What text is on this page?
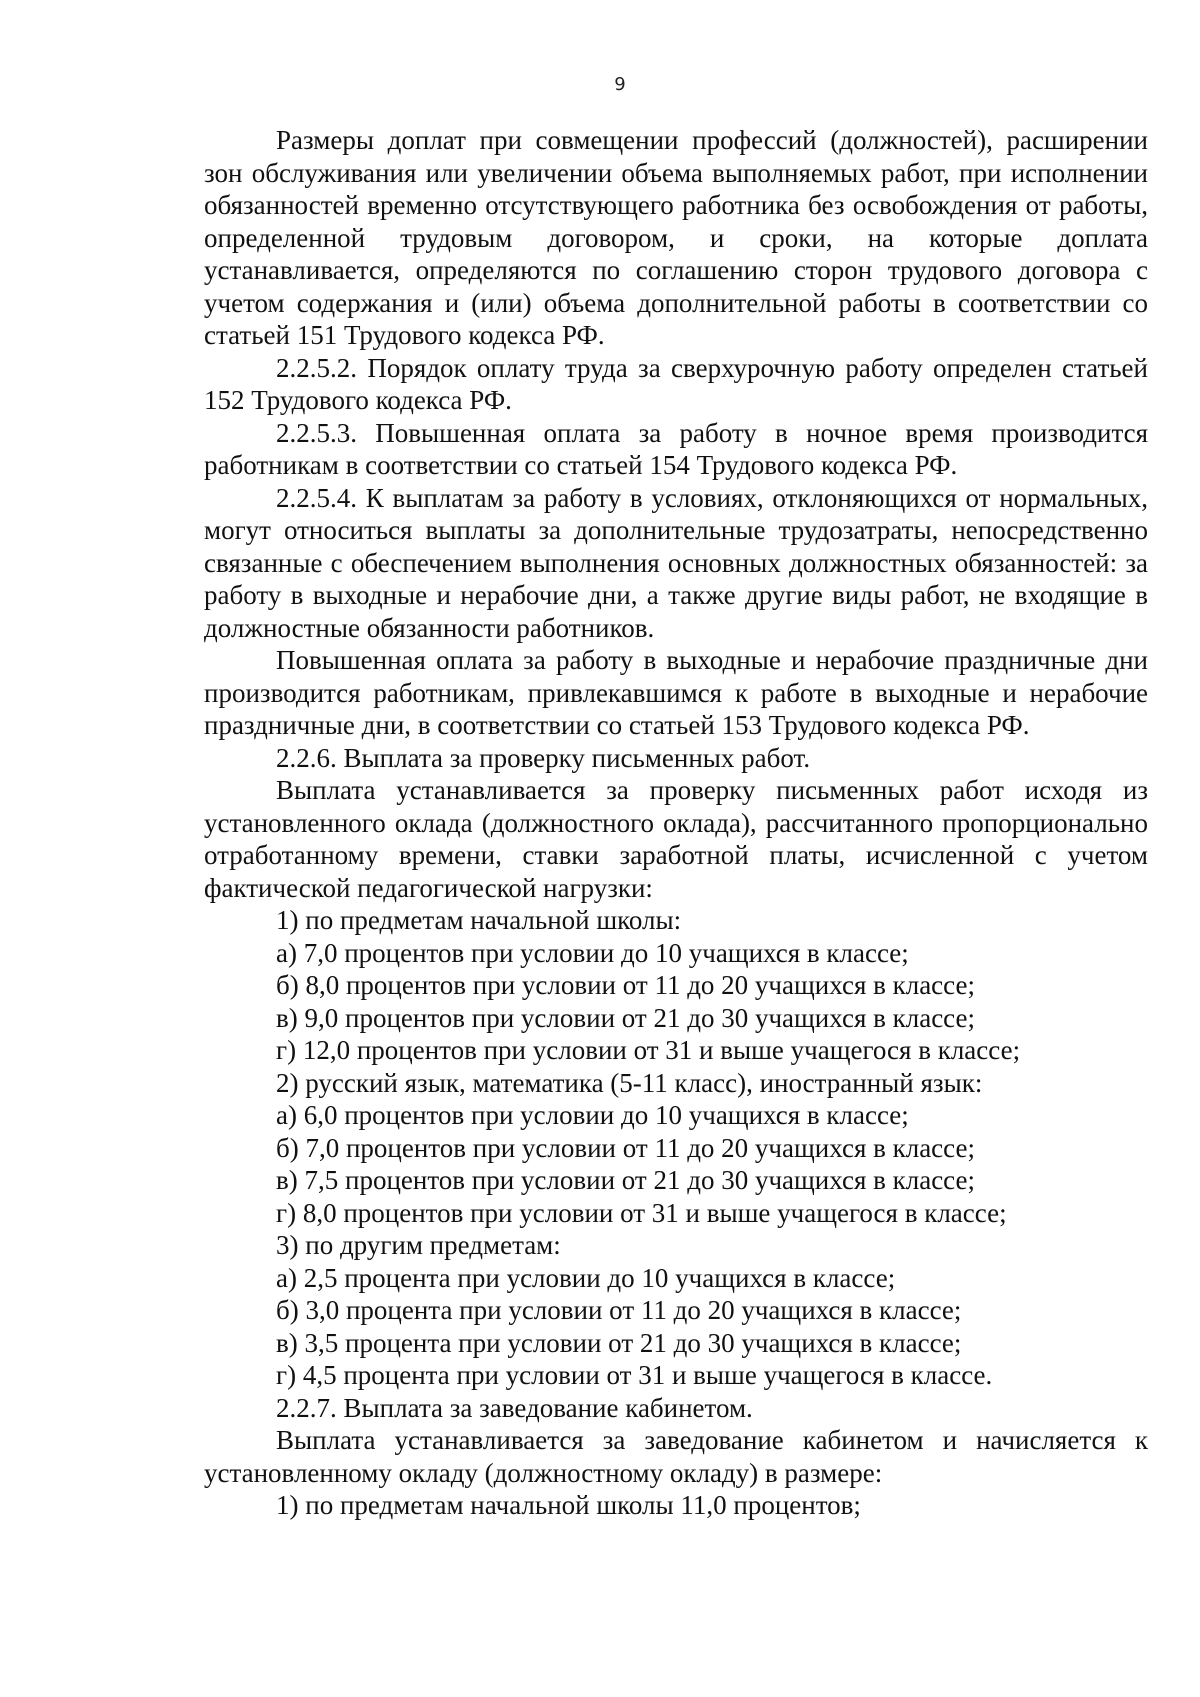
9

Размеры доплат при совмещении профессий (должностей), расширении зон обслуживания или увеличении объема выполняемых работ, при исполнении обязанностей временно отсутствующего работника без освобождения от работы, определенной трудовым договором, и сроки, на которые доплата устанавливается, определяются по соглашению сторон трудового договора с учетом содержания и (или) объема дополнительной работы в соответствии со статьей 151 Трудового кодекса РФ.

2.2.5.2. Порядок оплату труда за сверхурочную работу определен статьей 152 Трудового кодекса РФ.

2.2.5.3. Повышенная оплата за работу в ночное время производится работникам в соответствии со статьей 154 Трудового кодекса РФ.

2.2.5.4. К выплатам за работу в условиях, отклоняющихся от нормальных, могут относиться выплаты за дополнительные трудозатраты, непосредственно связанные с обеспечением выполнения основных должностных обязанностей: за работу в выходные и нерабочие дни, а также другие виды работ, не входящие в должностные обязанности работников.

Повышенная оплата за работу в выходные и нерабочие праздничные дни производится работникам, привлекавшимся к работе в выходные и нерабочие праздничные дни, в соответствии со статьей 153 Трудового кодекса РФ.

2.2.6. Выплата за проверку письменных работ.

Выплата устанавливается за проверку письменных работ исходя из установленного оклада (должностного оклада), рассчитанного пропорционально отработанному времени, ставки заработной платы, исчисленной с учетом фактической педагогической нагрузки:

1) по предметам начальной школы:

а) 7,0 процентов при условии до 10 учащихся в классе;

б) 8,0 процентов при условии от 11 до 20 учащихся в классе;

в) 9,0 процентов при условии от 21 до 30 учащихся в классе;

г) 12,0 процентов при условии от 31 и выше учащегося в классе;

2) русский язык, математика (5-11 класс), иностранный язык:

а) 6,0 процентов при условии до 10 учащихся в классе;

б) 7,0 процентов при условии от 11 до 20 учащихся в классе;

в) 7,5 процентов при условии от 21 до 30 учащихся в классе;

г) 8,0 процентов при условии от 31 и выше учащегося в классе;

3) по другим предметам:

а) 2,5 процента при условии до 10 учащихся в классе;

б) 3,0 процента при условии от 11 до 20 учащихся в классе;

в) 3,5 процента при условии от 21 до 30 учащихся в классе;

г) 4,5 процента при условии от 31 и выше учащегося в классе.

2.2.7. Выплата за заведование кабинетом.

Выплата устанавливается за заведование кабинетом и начисляется к установленному окладу (должностному окладу) в размере:

1) по предметам начальной школы 11,0 процентов;
